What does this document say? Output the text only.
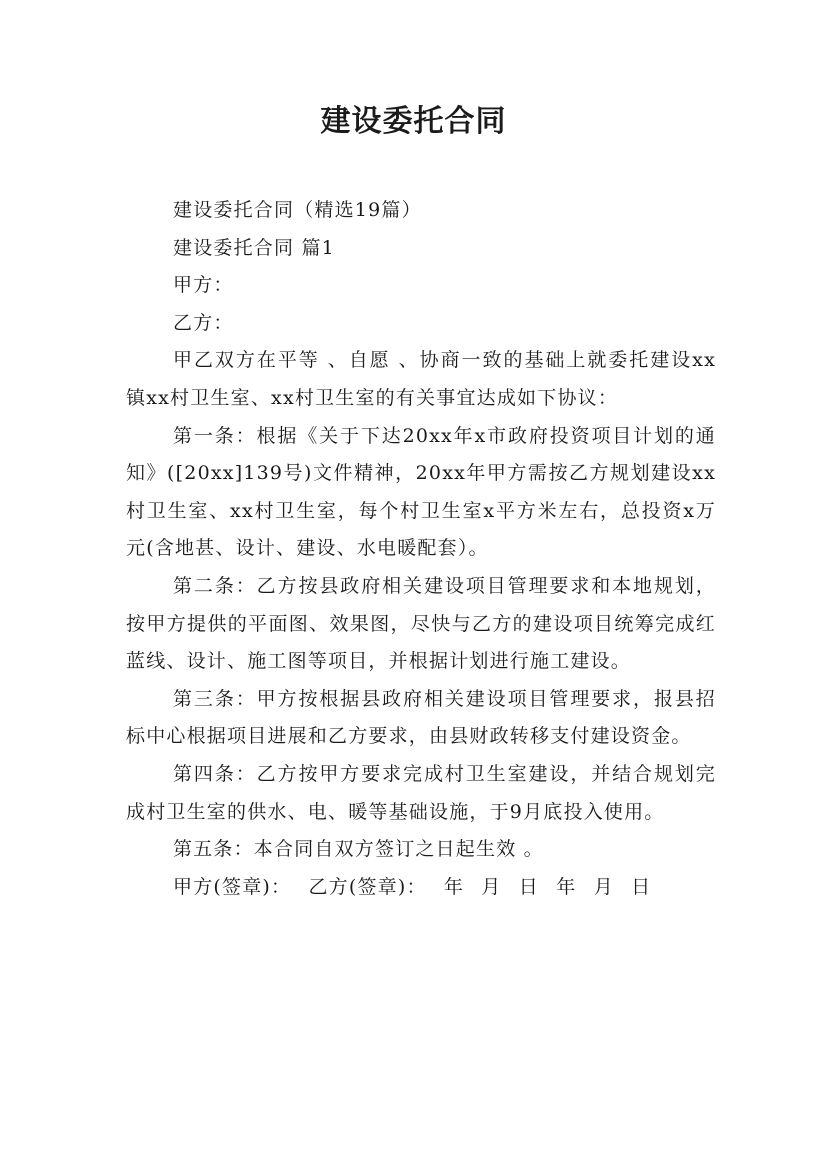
建设委托合同

建设委托合同（精选19篇）

建设委托合同 篇1

甲方：

乙方：

甲乙双方在平等 、自愿 、协商一致的基础上就委托建设xx镇xx村卫生室、xx村卫生室的有关事宜达成如下协议：

第一条：根据《关于下达20xx年x市政府投资项目计划的通知》([20xx]139号)文件精神，20xx年甲方需按乙方规划建设xx村卫生室、xx村卫生室，每个村卫生室x平方米左右，总投资x万元(含地甚、设计、建设、水电暖配套）。

第二条：乙方按县政府相关建设项目管理要求和本地规划，按甲方提供的平面图、效果图，尽快与乙方的建设项目统筹完成红蓝线、设计、施工图等项目，并根据计划进行施工建设。

第三条：甲方按根据县政府相关建设项目管理要求，报县招标中心根据项目进展和乙方要求，由县财政转移支付建设资金。

第四条：乙方按甲方要求完成村卫生室建设，并结合规划完成村卫生室的供水、电、暖等基础设施，于9月底投入使用。

第五条：本合同自双方签订之日起生效 。

甲方(签章)： 乙方(签章)： 年 月 日 年 月 日
